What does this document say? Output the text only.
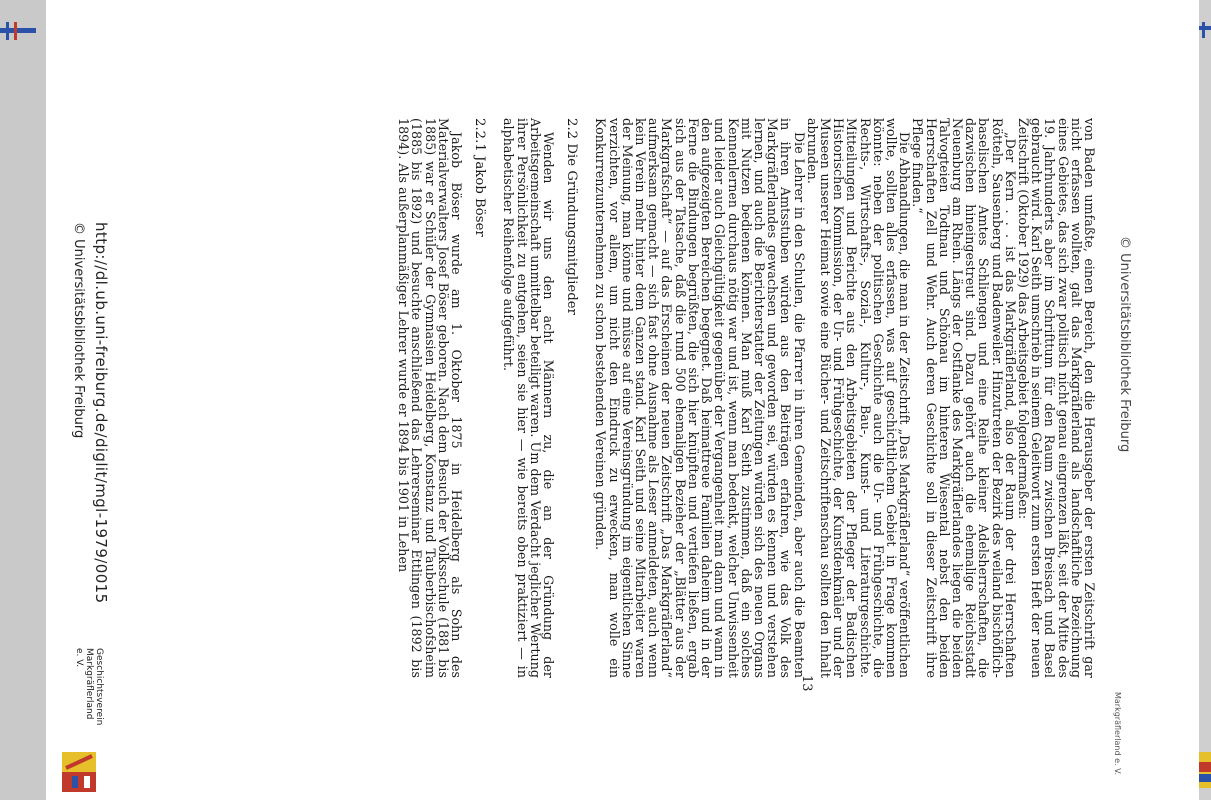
© Universitätsbibliothek Freiburg
Markgräflerland e. V.

von Baden umfaßte, einen Bereich, den die Herausgeber der ersten Zeitschrift gar nicht erfassen wollten, galt das Markgräflerland als landschaftliche Bezeichnung eines Gebietes, das sich zwar politisch nicht genau eingrenzen läßt, seit der Mitte des 19. Jahrhunderts aber im Schrifttum für den Raum zwischen Breisach und Basel gebraucht wird. Karl Seith umschrieb in seinem Geleitwort zum ersten Heft der neuen Zeitschrift (Oktober 1929) das Arbeitsgebiet folgendermaßen:

„Der Kern . . . ist das Markgräflerland, also der Raum der drei Herrschaften Rötteln, Sausenberg und Badenweiler. Hinzutreten der Bezirk des weiland bischöflich-baselischen Amtes Schliengen und eine Reihe kleiner Adelsherrschaften, die dazwischen hineingestreut sind. Dazu gehört auch die ehemalige Reichsstadt Neuenburg am Rhein. Längs der Ostflanke des Markgräflerlandes liegen die beiden Talvogteien Todtnau und Schönau im hinteren Wiesental nebst den beiden Herrschaften Zell und Wehr. Auch deren Geschichte soll in dieser Zeitschrift ihre Pflege finden.“

Die Abhandlungen, die man in der Zeitschrift „Das Markgräflerland“ veröffentlichen wollte, sollten alles erfassen, was auf geschichtlichem Gebiet in Frage kommen könnte: neben der politischen Geschichte auch die Ur- und Frühgeschichte, die Rechts-, Wirtschafts-, Sozial-, Kultur-, Bau-, Kunst- und Literaturgeschichte. Mitteilungen und Berichte aus den Arbeitsgebieten der Pfleger der Badischen Historischen Kommission, der Ur- und Frühgeschichte, der Kunstdenkmäler und der Museen unserer Heimat sowie eine Bücher- und Zeitschriftenschau sollten den Inhalt abrunden.

Die Lehrer in den Schulen, die Pfarrer in ihren Gemeinden, aber auch die Beamten in ihren Amtsstuben würden aus den Beiträgen erfahren, wie das Volk des Markgräflerlandes gewachsen und geworden sei, würden es kennen und verstehen lernen, und auch die Berichterstatter der Zeitungen würden sich des neuen Organs mit Nutzen bedienen können. Man muß Karl Seith zustimmen, daß ein solches Kennenlernen durchaus nötig war und ist, wenn man bedenkt, welcher Unwissenheit und leider auch Gleichgültigkeit gegenüber der Vergangenheit man dann und wann in den aufgezeigten Bereichen begegnet. Daß heimattreue Familien daheim und in der Ferne die Bindungen begrüßten, die sich hier knüpften und vertiefen ließen, ergab sich aus der Tatsache, daß die rund 500 ehemaligen Bezieher der „Blätter aus der Markgrafschaft“ — auf das Erscheinen der neuen Zeitschrift „Das Markgräflerland“ aufmerksam gemacht — sich fast ohne Ausnahme als Leser anmeldeten, auch wenn kein Verein mehr hinter dem Ganzen stand. Karl Seith und seine Mitarbeiter waren der Meinung, man könne und müsse auf eine Vereinsgründung im eigentlichen Sinne verzichten, vor allem, um nicht den Eindruck zu erwecken, man wolle ein Konkurrenzunternehmen zu schon bestehenden Vereinen gründen.

2.2 Die Gründungsmitglieder

Wenden wir uns den acht Männern zu, die an der Gründung der Arbeitsgemeinschaft unmittelbar beteiligt waren. Um dem Verdacht jeglicher Wertung ihrer Persönlichkeit zu entgehen, seien sie hier — wie bereits oben praktiziert — in alphabetischer Reihenfolge aufgeführt.

2.2.1 Jakob Böser

Jakob Böser wurde am 1. Oktober 1875 in Heidelberg als Sohn des Materialverwalters Josef Böser geboren. Nach dem Besuch der Volksschule (1881 bis 1885) war er Schüler der Gymnasien Heidelberg, Konstanz und Tauberbischofsheim (1885 bis 1892) und besuchte anschließend das Lehrerseminar Ettlingen (1892 bis 1894). Als außerplanmäßiger Lehrer wurde er 1894 bis 1901 in Lehen

13
http://dl.ub.uni-freiburg.de/diglit/mgl-1979/0015
© Universitätsbibliothek Freiburg
Geschichtsverein Markgräflerland e. V.
